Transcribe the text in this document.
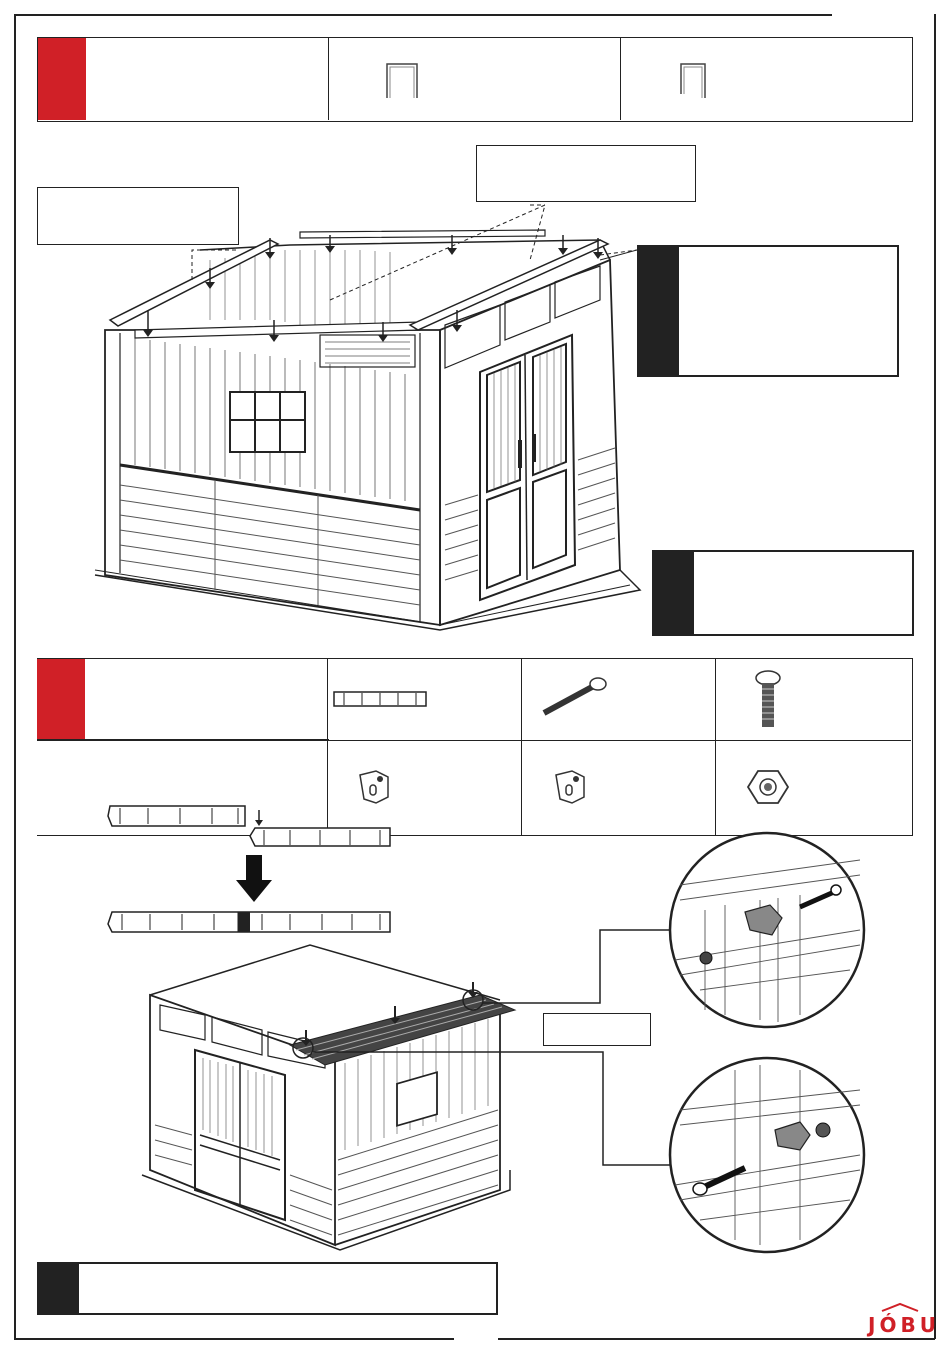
JÓBU
